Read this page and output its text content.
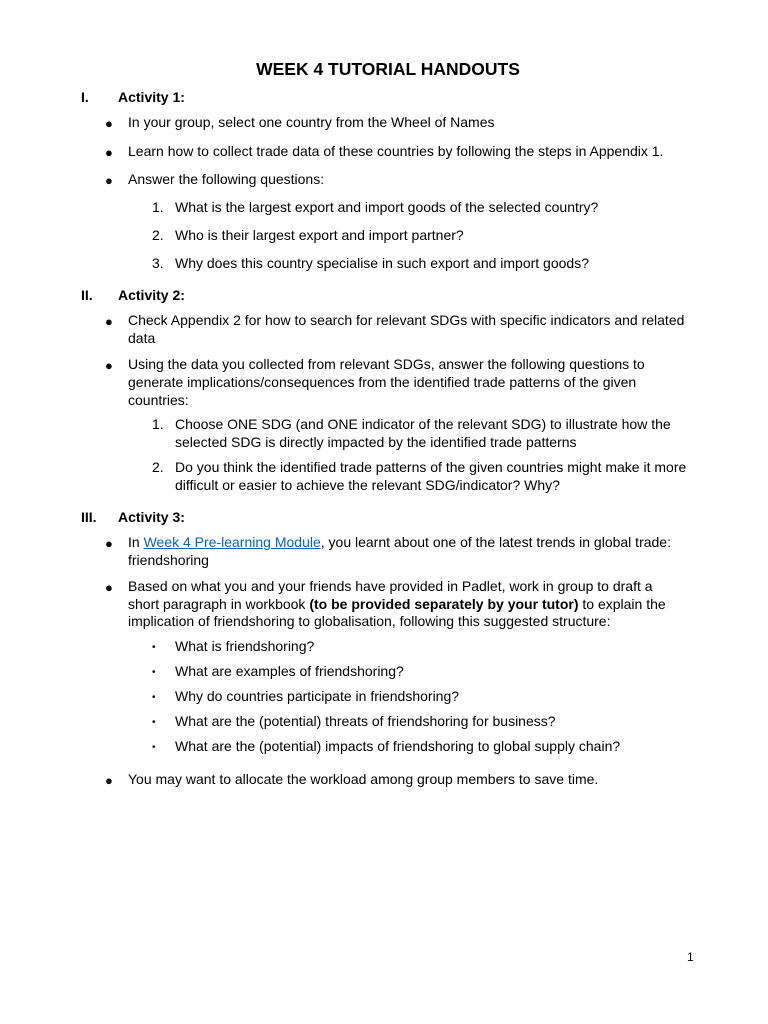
WEEK 4 TUTORIAL HANDOUTS
I. Activity 1:
● In your group, select one country from the Wheel of Names
● Learn how to collect trade data of these countries by following the steps in Appendix 1.
● Answer the following questions:
1. What is the largest export and import goods of the selected country?
2. Who is their largest export and import partner?
3. Why does this country specialise in such export and import goods?
II. Activity 2:
● Check Appendix 2 for how to search for relevant SDGs with specific indicators and related
data
● Using the data you collected from relevant SDGs, answer the following questions to
generate implications/consequences from the identified trade patterns of the given
countries:
1. Choose ONE SDG (and ONE indicator of the relevant SDG) to illustrate how the
selected SDG is directly impacted by the identified trade patterns
2. Do you think the identified trade patterns of the given countries might make it more
difficult or easier to achieve the relevant SDG/indicator? Why?
III. Activity 3:
● In Week 4 Pre-learning Module, you learnt about one of the latest trends in global trade:
friendshoring
● Based on what you and your friends have provided in Padlet, work in group to draft a
short paragraph in workbook (to be provided separately by your tutor) to explain the
implication of friendshoring to globalisation, following this suggested structure:
• What is friendshoring?
• What are examples of friendshoring?
• Why do countries participate in friendshoring?
• What are the (potential) threats of friendshoring for business?
• What are the (potential) impacts of friendshoring to global supply chain?
● You may want to allocate the workload among group members to save time.
1
